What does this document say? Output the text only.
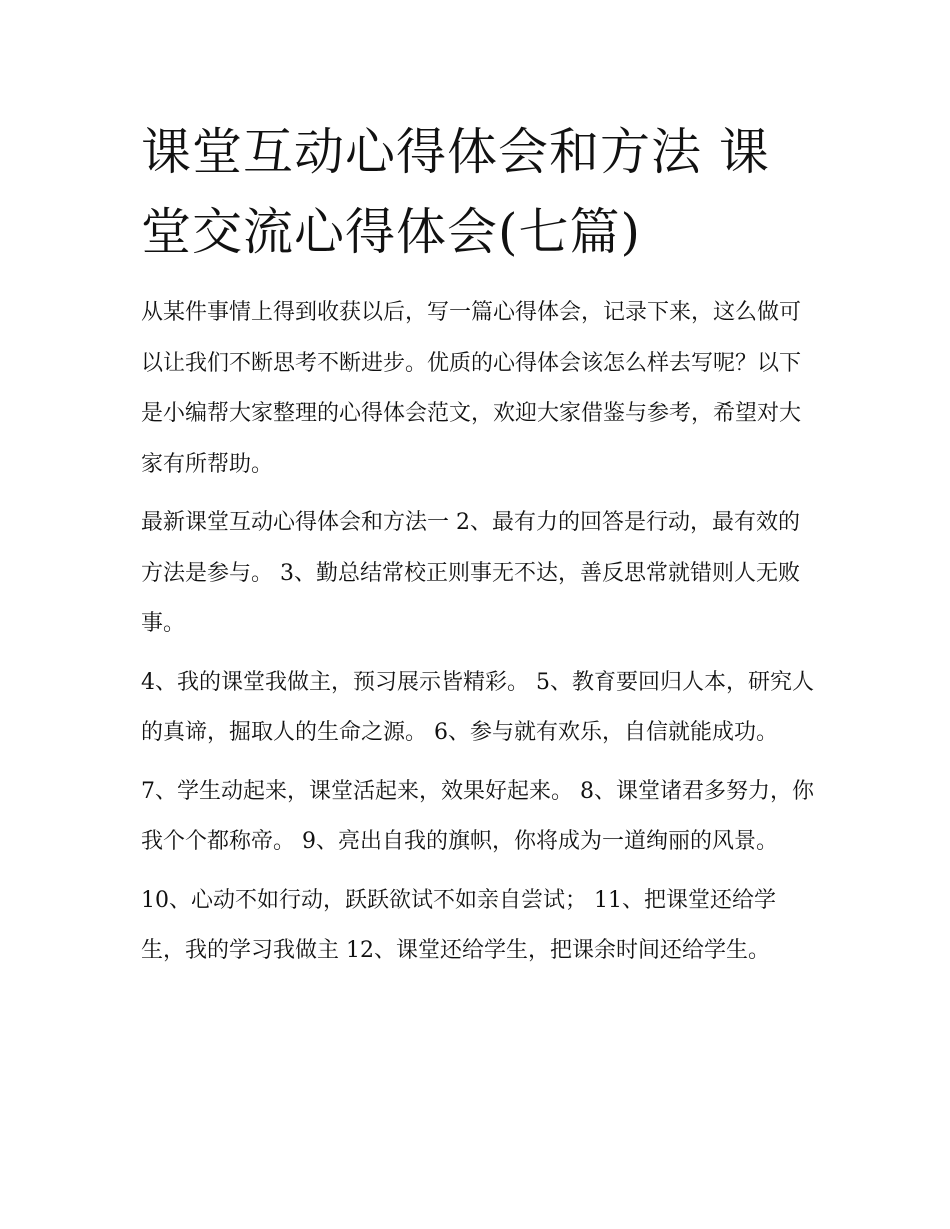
课堂互动心得体会和方法 课堂交流心得体会(七篇)

从某件事情上得到收获以后，写一篇心得体会，记录下来，这么做可以让我们不断思考不断进步。优质的心得体会该怎么样去写呢？以下是小编帮大家整理的心得体会范文，欢迎大家借鉴与参考，希望对大家有所帮助。

最新课堂互动心得体会和方法一 2、最有力的回答是行动，最有效的方法是参与。 3、勤总结常校正则事无不达，善反思常就错则人无败事。

4、我的课堂我做主，预习展示皆精彩。 5、教育要回归人本，研究人的真谛，掘取人的生命之源。 6、参与就有欢乐，自信就能成功。

7、学生动起来，课堂活起来，效果好起来。 8、课堂诸君多努力，你我个个都称帝。 9、亮出自我的旗帜，你将成为一道绚丽的风景。

10、心动不如行动，跃跃欲试不如亲自尝试； 11、把课堂还给学生，我的学习我做主 12、课堂还给学生，把课余时间还给学生。
